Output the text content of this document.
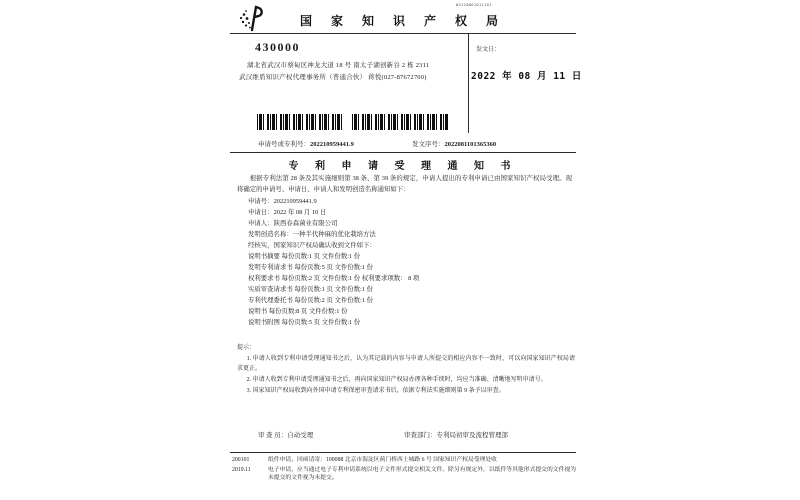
国 家 知 识 产 权 局
W2220801011101
430000
湖北省武汉市蔡甸区神龙大道 18 号 南太子湖创新谷 2 栋 2311
武汉维盾知识产权代理事务所（普通合伙） 蒋悦(027-87672700)
发文日：
2022 年 08 月 11 日
申请号或专利号：202210959441.9	发文序号：2022081101365360
专 利 申 请 受 理 通 知 书
根据专利法第 28 条及其实施细则第 38 条、第 39 条的规定，申请人提出的专利申请已由国家知识产权局受理。现将确定的申请号、申请日、申请人和发明创造名称通知如下：
申请号：202210959441.9
申请日：2022 年 08 月 10 日
申请人：陕西春森菌业有限公司
发明创造名称：一种半代种麻的优化栽培方法
经核实，国家知识产权局确认收到文件如下：
说明书摘要 每份页数:1 页 文件份数:1 份
发明专利请求书 每份页数:5 页 文件份数:1 份
权利要求书 每份页数:2 页 文件份数:1 份 权利要求项数： 8 项
实质审查请求书 每份页数:1 页 文件份数:1 份
专利代理委托书 每份页数:2 页 文件份数:1 份
说明书 每份页数:8 页 文件份数:1 份
说明书附图 每份页数:5 页 文件份数:1 份
提示：
1. 申请人收到专利申请受理通知书之后，认为其记载的内容与申请人所提交的相应内容不一致时，可以向国家知识产权局请求更正。
2. 申请人收到专利申请受理通知书之后，再向国家知识产权局办理各种手续时，均应当准确、清晰地写明申请号。
3. 国家知识产权局收到向外国申请专利保密审查请求书后，依据专利法实施细则第 9 条予以审查。
审 查 员：自动受理	审查部门：专利局初审及流程管理部
200101	纸件申请，回函请寄：100088 北京市海淀区蓟门桥西土城路 6 号 国家知识产权局受理处收
2019.11	电子申请，应当通过电子专利申请系统以电子文件形式提交相关文件。除另有规定外，以纸件等其他形式提交的文件视为未提交的文件视为未提交。
